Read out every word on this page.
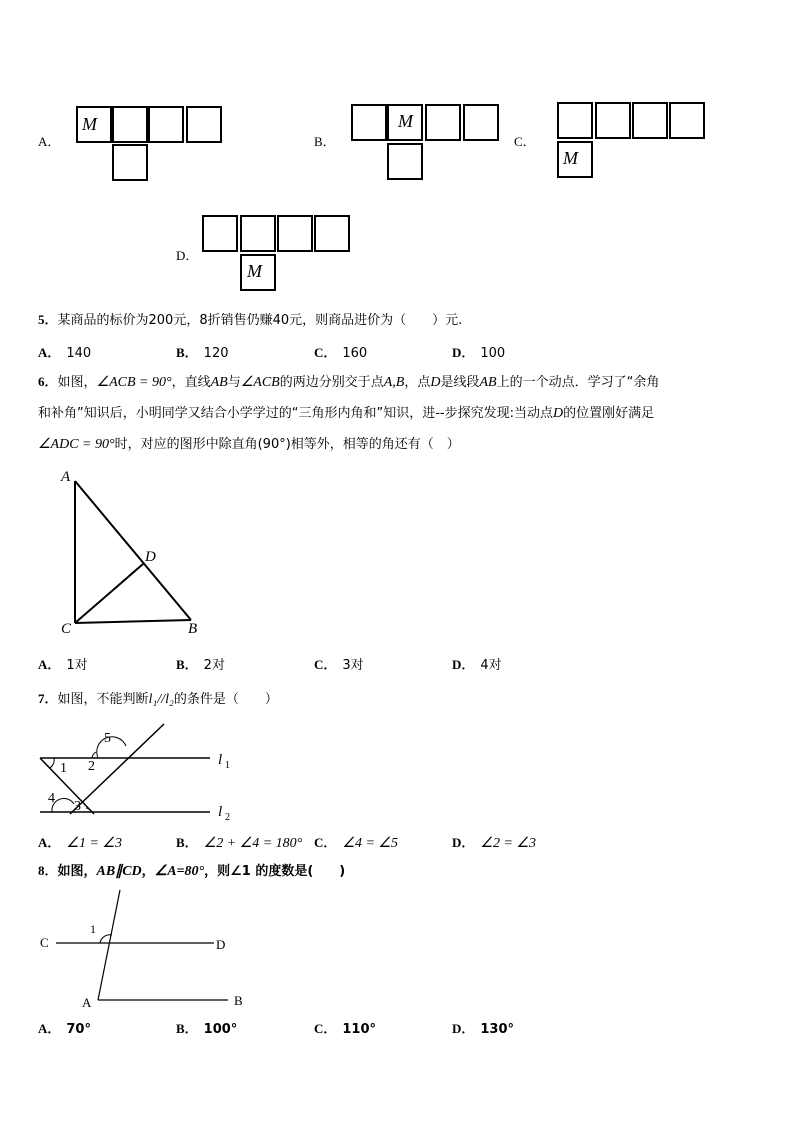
A．
M
B．
M
C．
M
D．
M
5．某商品的标价为200元，8折销售仍赚40元，则商品进价为（　　）元.
A． 140	B． 120	C． 160	D． 100
6．如图，∠ACB = 90°，直线AB与∠ACB的两边分别交于点A,B，点D是线段AB上的一个动点．学习了“余角
和补角”知识后，小明同学又结合小学学过的“三角形内角和”知识，进--步探究发现:当动点D的位置刚好满足
∠ADC = 90°时，对应的图形中除直角(90°)相等外，相等的角还有（　）
A
D
C	B
A． 1对	B． 2对	C． 3对	D． 4对
7．如图，不能判断l₁//l₂的条件是（　　）
5
2
1
4
3
l 1
l 2
A． ∠1 = ∠3	B． ∠2 + ∠4 = 180° C． ∠4 = ∠5	D． ∠2 = ∠3
8．如图，AB∥CD，∠A=80°，则∠1 的度数是(　　)
C	D
A	B
1
A． 70°	B． 100°	C． 110°	D． 130°
